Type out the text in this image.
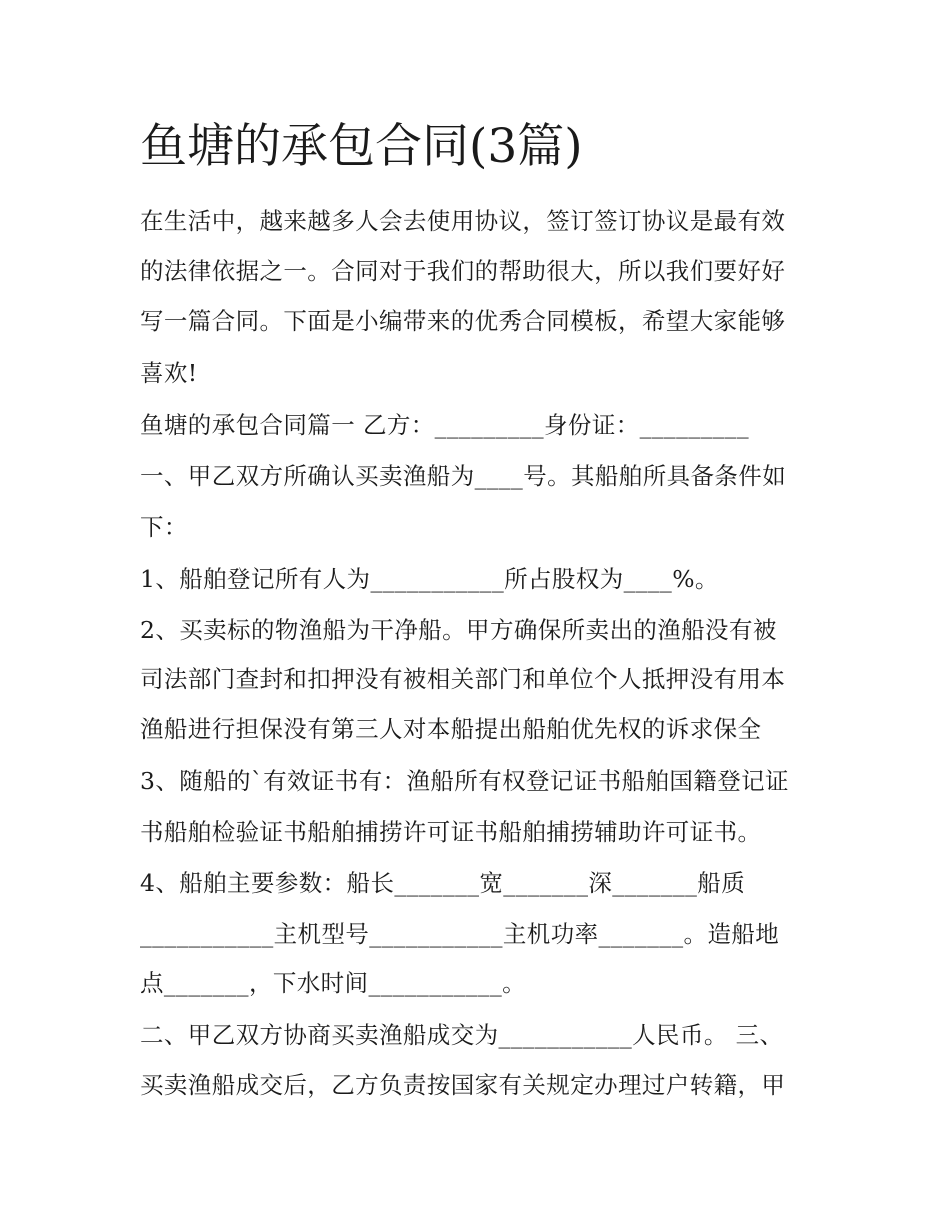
鱼塘的承包合同(3篇)
在生活中，越来越多人会去使用协议，签订签订协议是最有效
的法律依据之一。合同对于我们的帮助很大，所以我们要好好
写一篇合同。下面是小编带来的优秀合同模板，希望大家能够
喜欢!
鱼塘的承包合同篇一 乙方：_________身份证：_________
一、甲乙双方所确认买卖渔船为____号。其船舶所具备条件如
下：
1、船舶登记所有人为___________所占股权为____%。
2、买卖标的物渔船为干净船。甲方确保所卖出的渔船没有被
司法部门查封和扣押没有被相关部门和单位个人抵押没有用本
渔船进行担保没有第三人对本船提出船舶优先权的诉求保全
3、随船的`有效证书有：渔船所有权登记证书船舶国籍登记证
书船舶检验证书船舶捕捞许可证书船舶捕捞辅助许可证书。
4、船舶主要参数：船长_______宽_______深_______船质
___________主机型号___________主机功率_______。造船地
点_______，下水时间___________。
二、甲乙双方协商买卖渔船成交为___________人民币。 三、
买卖渔船成交后，乙方负责按国家有关规定办理过户转籍，甲
